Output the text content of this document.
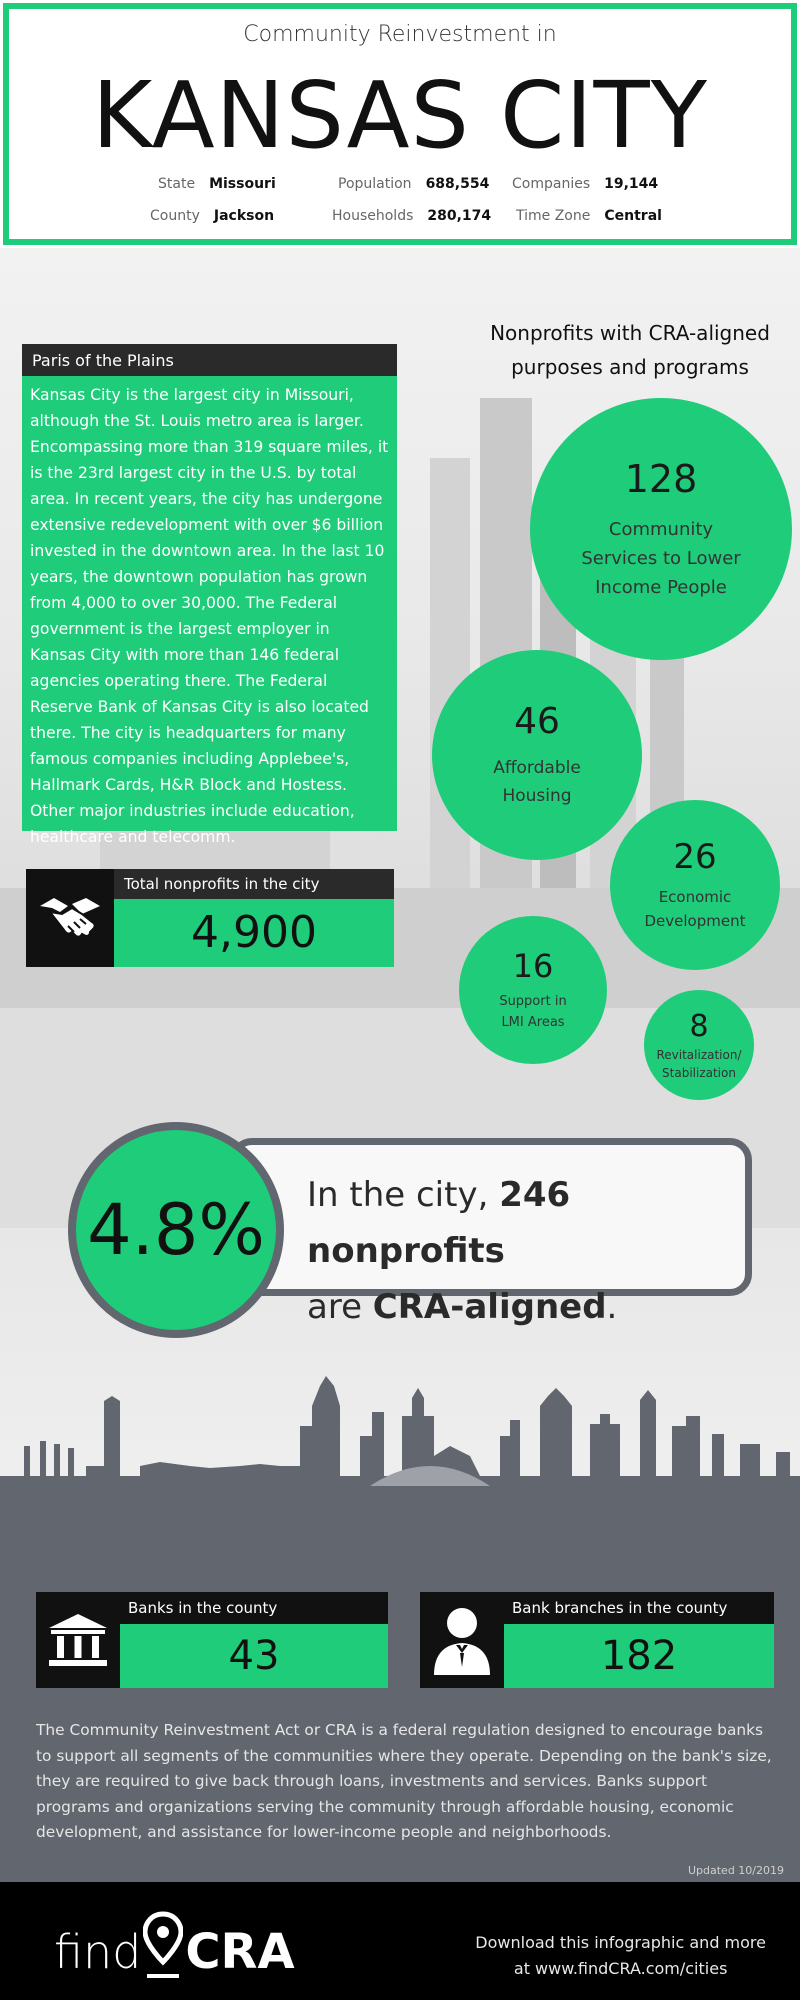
Community Reinvestment in
KANSAS CITY
State Missouri	Population 688,554 Companies 19,144
County Jackson	Households 280,174 Time Zone Central
Paris of the Plains
Kansas City is the largest city in Missouri, although the St. Louis metro area is larger. Encompassing more than 319 square miles, it is the 23rd largest city in the U.S. by total area. In recent years, the city has undergone extensive redevelopment with over $6 billion invested in the downtown area. In the last 10 years, the downtown population has grown from 4,000 to over 30,000. The Federal government is the largest employer in Kansas City with more than 146 federal agencies operating there. The Federal Reserve Bank of Kansas City is also located there. The city is headquarters for many famous companies including Applebee's, Hallmark Cards, H&R Block and Hostess. Other major industries include education, healthcare and telecomm.
Nonprofits with CRA-aligned
purposes and programs
128
Community Services to Lower Income People
46
Affordable Housing
26
Economic Development
16
Support in LMI Areas	8
Revitalization/ Stabilization
Total nonprofits in the city
4,900
In the city, 246 nonprofits
are CRA-aligned.
4.8%
Banks in the county
43
Bank branches in the county
182
The Community Reinvestment Act or CRA is a federal regulation designed to encourage banks to support all segments of the communities where they operate. Depending on the bank's size, they are required to give back through loans, investments and services. Banks support programs and organizations serving the community through affordable housing, economic development, and assistance for lower-income people and neighborhoods.
Updated 10/2019
find CRA	Download this infographic and more
at www.findCRA.com/cities
